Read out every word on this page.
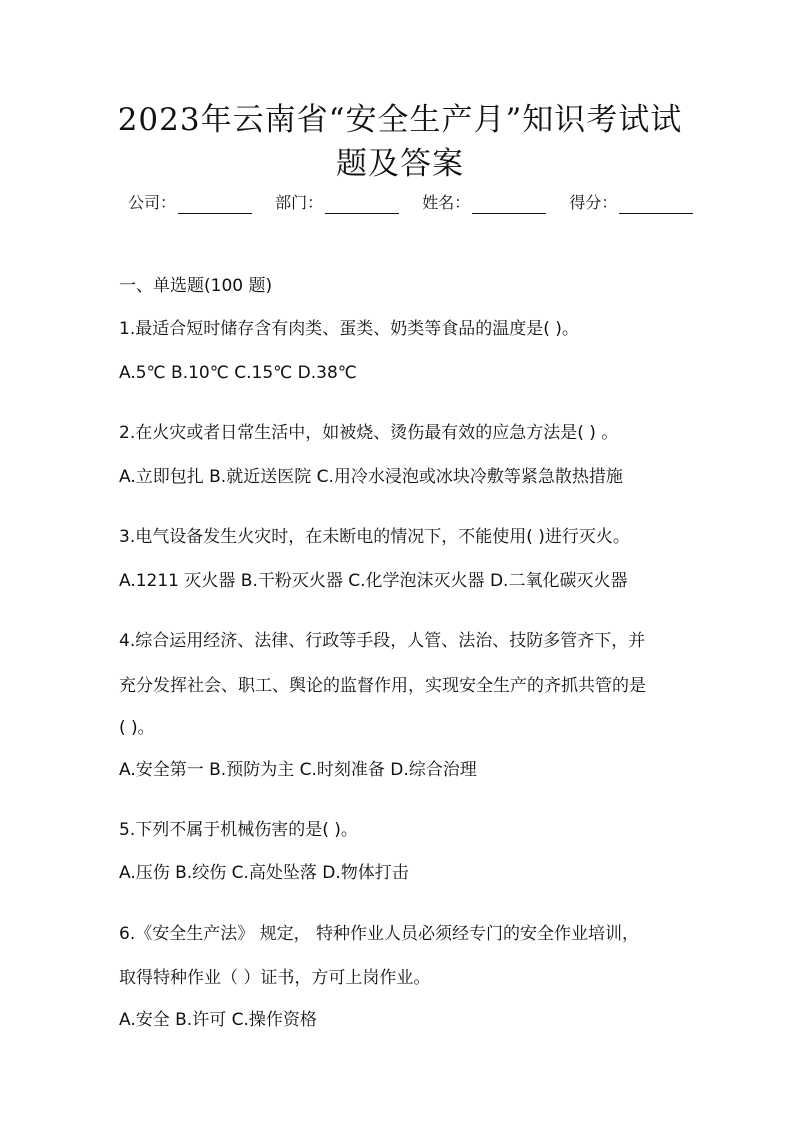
2023年云南省“安全生产月”知识考试试
题及答案
公司：	部门：	姓名：	得分：
一、单选题(100 题)
1.最适合短时储存含有肉类、蛋类、奶类等食品的温度是( )。
A.5℃ B.10℃ C.15℃ D.38℃
2.在火灾或者日常生活中，如被烧、烫伤最有效的应急方法是( ) 。
A.立即包扎 B.就近送医院 C.用冷水浸泡或冰块冷敷等紧急散热措施
3.电气设备发生火灾时，在未断电的情况下，不能使用( )进行灭火。
A.1211 灭火器 B.干粉灭火器 C.化学泡沫灭火器 D.二氧化碳灭火器
4.综合运用经济、法律、行政等手段，人管、法治、技防多管齐下，并
充分发挥社会、职工、舆论的监督作用，实现安全生产的齐抓共管的是
( )。
A.安全第一 B.预防为主 C.时刻准备 D.综合治理
5.下列不属于机械伤害的是( )。
A.压伤 B.绞伤 C.高处坠落 D.物体打击
6.《安全生产法》 规定， 特种作业人员必须经专门的安全作业培训，
取得特种作业（ ）证书，方可上岗作业。
A.安全 B.许可 C.操作资格
